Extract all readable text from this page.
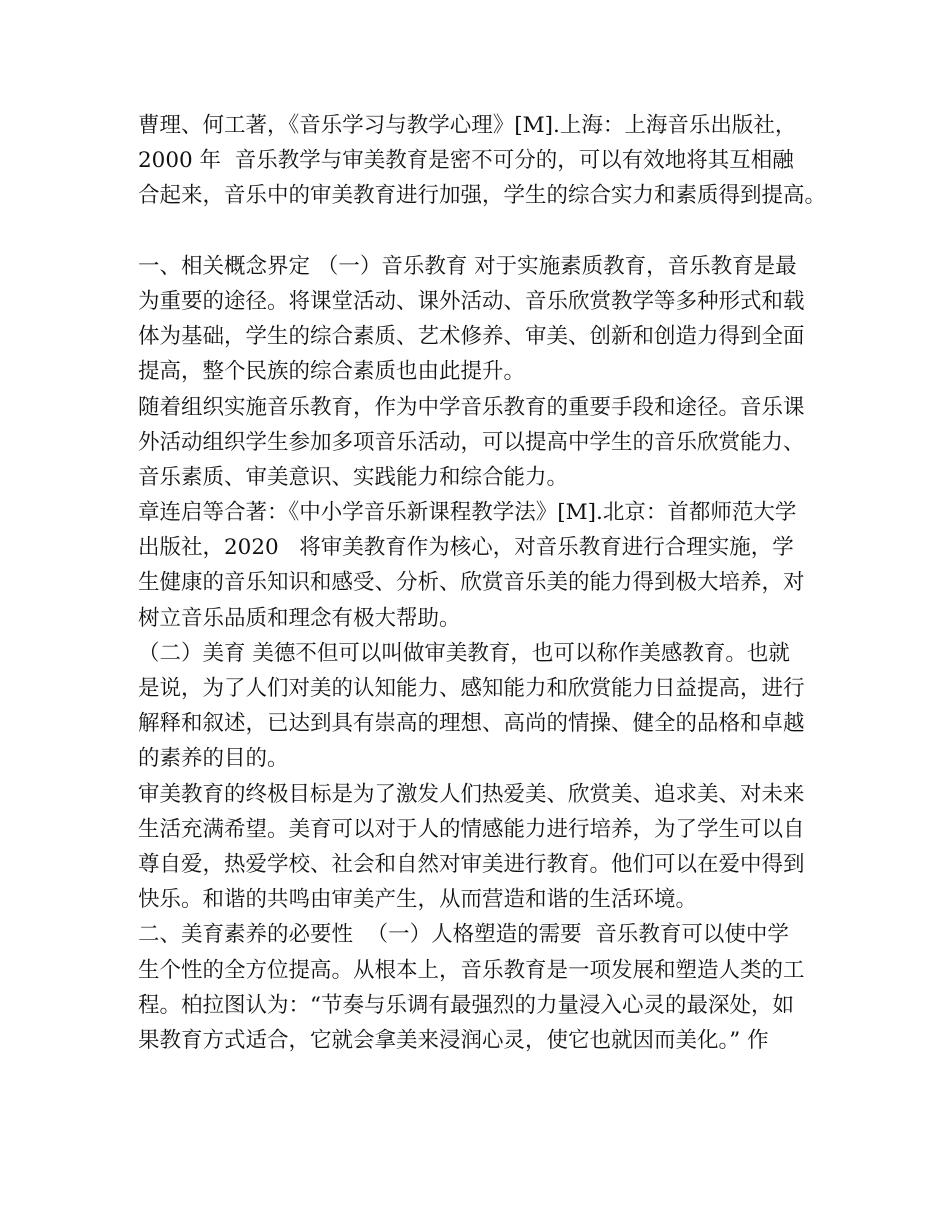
曹理、何工著，《音乐学习与教学心理》[M].上海：上海音乐出版社，
2000 年  音乐教学与审美教育是密不可分的，可以有效地将其互相融
合起来，音乐中的审美教育进行加强，学生的综合实力和素质得到提高。
一、相关概念界定 （一）音乐教育 对于实施素质教育，音乐教育是最
为重要的途径。将课堂活动、课外活动、音乐欣赏教学等多种形式和载
体为基础，学生的综合素质、艺术修养、审美、创新和创造力得到全面
提高，整个民族的综合素质也由此提升。
随着组织实施音乐教育，作为中学音乐教育的重要手段和途径。音乐课
外活动组织学生参加多项音乐活动，可以提高中学生的音乐欣赏能力、
音乐素质、审美意识、实践能力和综合能力。
章连启等合著：《中小学音乐新课程教学法》[M].北京：首都师范大学
出版社，2020   将审美教育作为核心，对音乐教育进行合理实施，学
生健康的音乐知识和感受、分析、欣赏音乐美的能力得到极大培养，对
树立音乐品质和理念有极大帮助。
（二）美育 美德不但可以叫做审美教育，也可以称作美感教育。也就
是说，为了人们对美的认知能力、感知能力和欣赏能力日益提高，进行
解释和叙述，已达到具有崇高的理想、高尚的情操、健全的品格和卓越
的素养的目的。
审美教育的终极目标是为了激发人们热爱美、欣赏美、追求美、对未来
生活充满希望。美育可以对于人的情感能力进行培养，为了学生可以自
尊自爱，热爱学校、社会和自然对审美进行教育。他们可以在爱中得到
快乐。和谐的共鸣由审美产生，从而营造和谐的生活环境。
二、美育素养的必要性  （一）人格塑造的需要  音乐教育可以使中学
生个性的全方位提高。从根本上，音乐教育是一项发展和塑造人类的工
程。柏拉图认为：“节奏与乐调有最强烈的力量浸入心灵的最深处，如
果教育方式适合，它就会拿美来浸润心灵，使它也就因而美化。” 作
